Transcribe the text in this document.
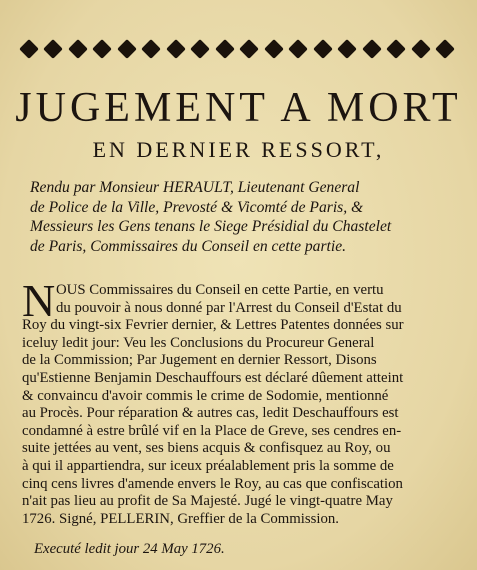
JUGEMENT A MORT
EN DERNIER RESSORT,
Rendu par Monsieur HERAULT, Lieutenant General
de Police de la Ville, Prevosté & Vicomté de Paris, &
Messieurs les Gens tenans le Siege Présidial du Chastelet
de Paris, Commissaires du Conseil en cette partie.
N OUS Commissaires du Conseil en cette Partie, en vertu
du pouvoir à nous donné par l'Arrest du Conseil d'Estat du
Roy du vingt-six Fevrier dernier, & Lettres Patentes données sur
iceluy ledit jour: Veu les Conclusions du Procureur General
de la Commission; Par Jugement en dernier Ressort, Disons
qu'Estienne Benjamin Deschauffours est déclaré dûement atteint
& convaincu d'avoir commis le crime de Sodomie, mentionné
au Procès. Pour réparation & autres cas, ledit Deschauffours est
condamné à estre brûlé vif en la Place de Greve, ses cendres en-
suite jettées au vent, ses biens acquis & confisquez au Roy, ou
à qui il appartiendra, sur iceux préalablement pris la somme de
cinq cens livres d'amende envers le Roy, au cas que confiscation
n'ait pas lieu au profit de Sa Majesté. Jugé le vingt-quatre May
1726. Signé, PELLERIN, Greffier de la Commission.
Executé ledit jour 24 May 1726.
